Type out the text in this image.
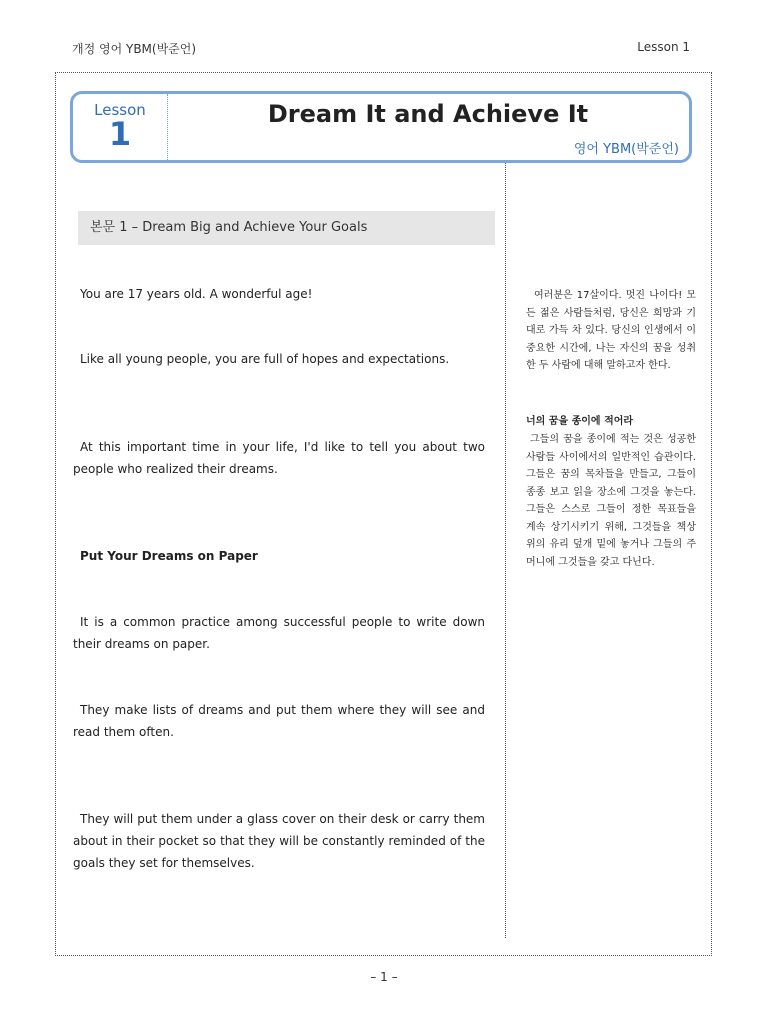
개정 영어 YBM(박준언)	Lesson 1
Lesson
1
Dream It and Achieve It
영어 YBM(박준언)
본문 1 – Dream Big and Achieve Your Goals
You are 17 years old. A wonderful age!
Like all young people, you are full of hopes and expectations.
At this important time in your life, I'd like to tell you about two people who realized their dreams.
Put Your Dreams on Paper
It is a common practice among successful people to write down their dreams on paper.
They make lists of dreams and put them where they will see and read them often.
They will put them under a glass cover on their desk or carry them about in their pocket so that they will be constantly reminded of the goals they set for themselves.
여러분은 17살이다. 멋진 나이다! 모든 젊은 사람들처럼, 당신은 희망과 기대로 가득 차 있다. 당신의 인생에서 이 중요한 시간에, 나는 자신의 꿈을 성취한 두 사람에 대해 말하고자 한다.
너의 꿈을 종이에 적어라
그들의 꿈을 종이에 적는 것은 성공한 사람들 사이에서의 일반적인 습관이다. 그들은 꿈의 목차들을 만들고, 그들이 종종 보고 읽을 장소에 그것을 놓는다. 그들은 스스로 그들이 정한 목표들을 계속 상기시키기 위해, 그것들을 책상 위의 유리 덮개 밑에 놓거나 그들의 주머니에 그것들을 갖고 다닌다.
– 1 –
